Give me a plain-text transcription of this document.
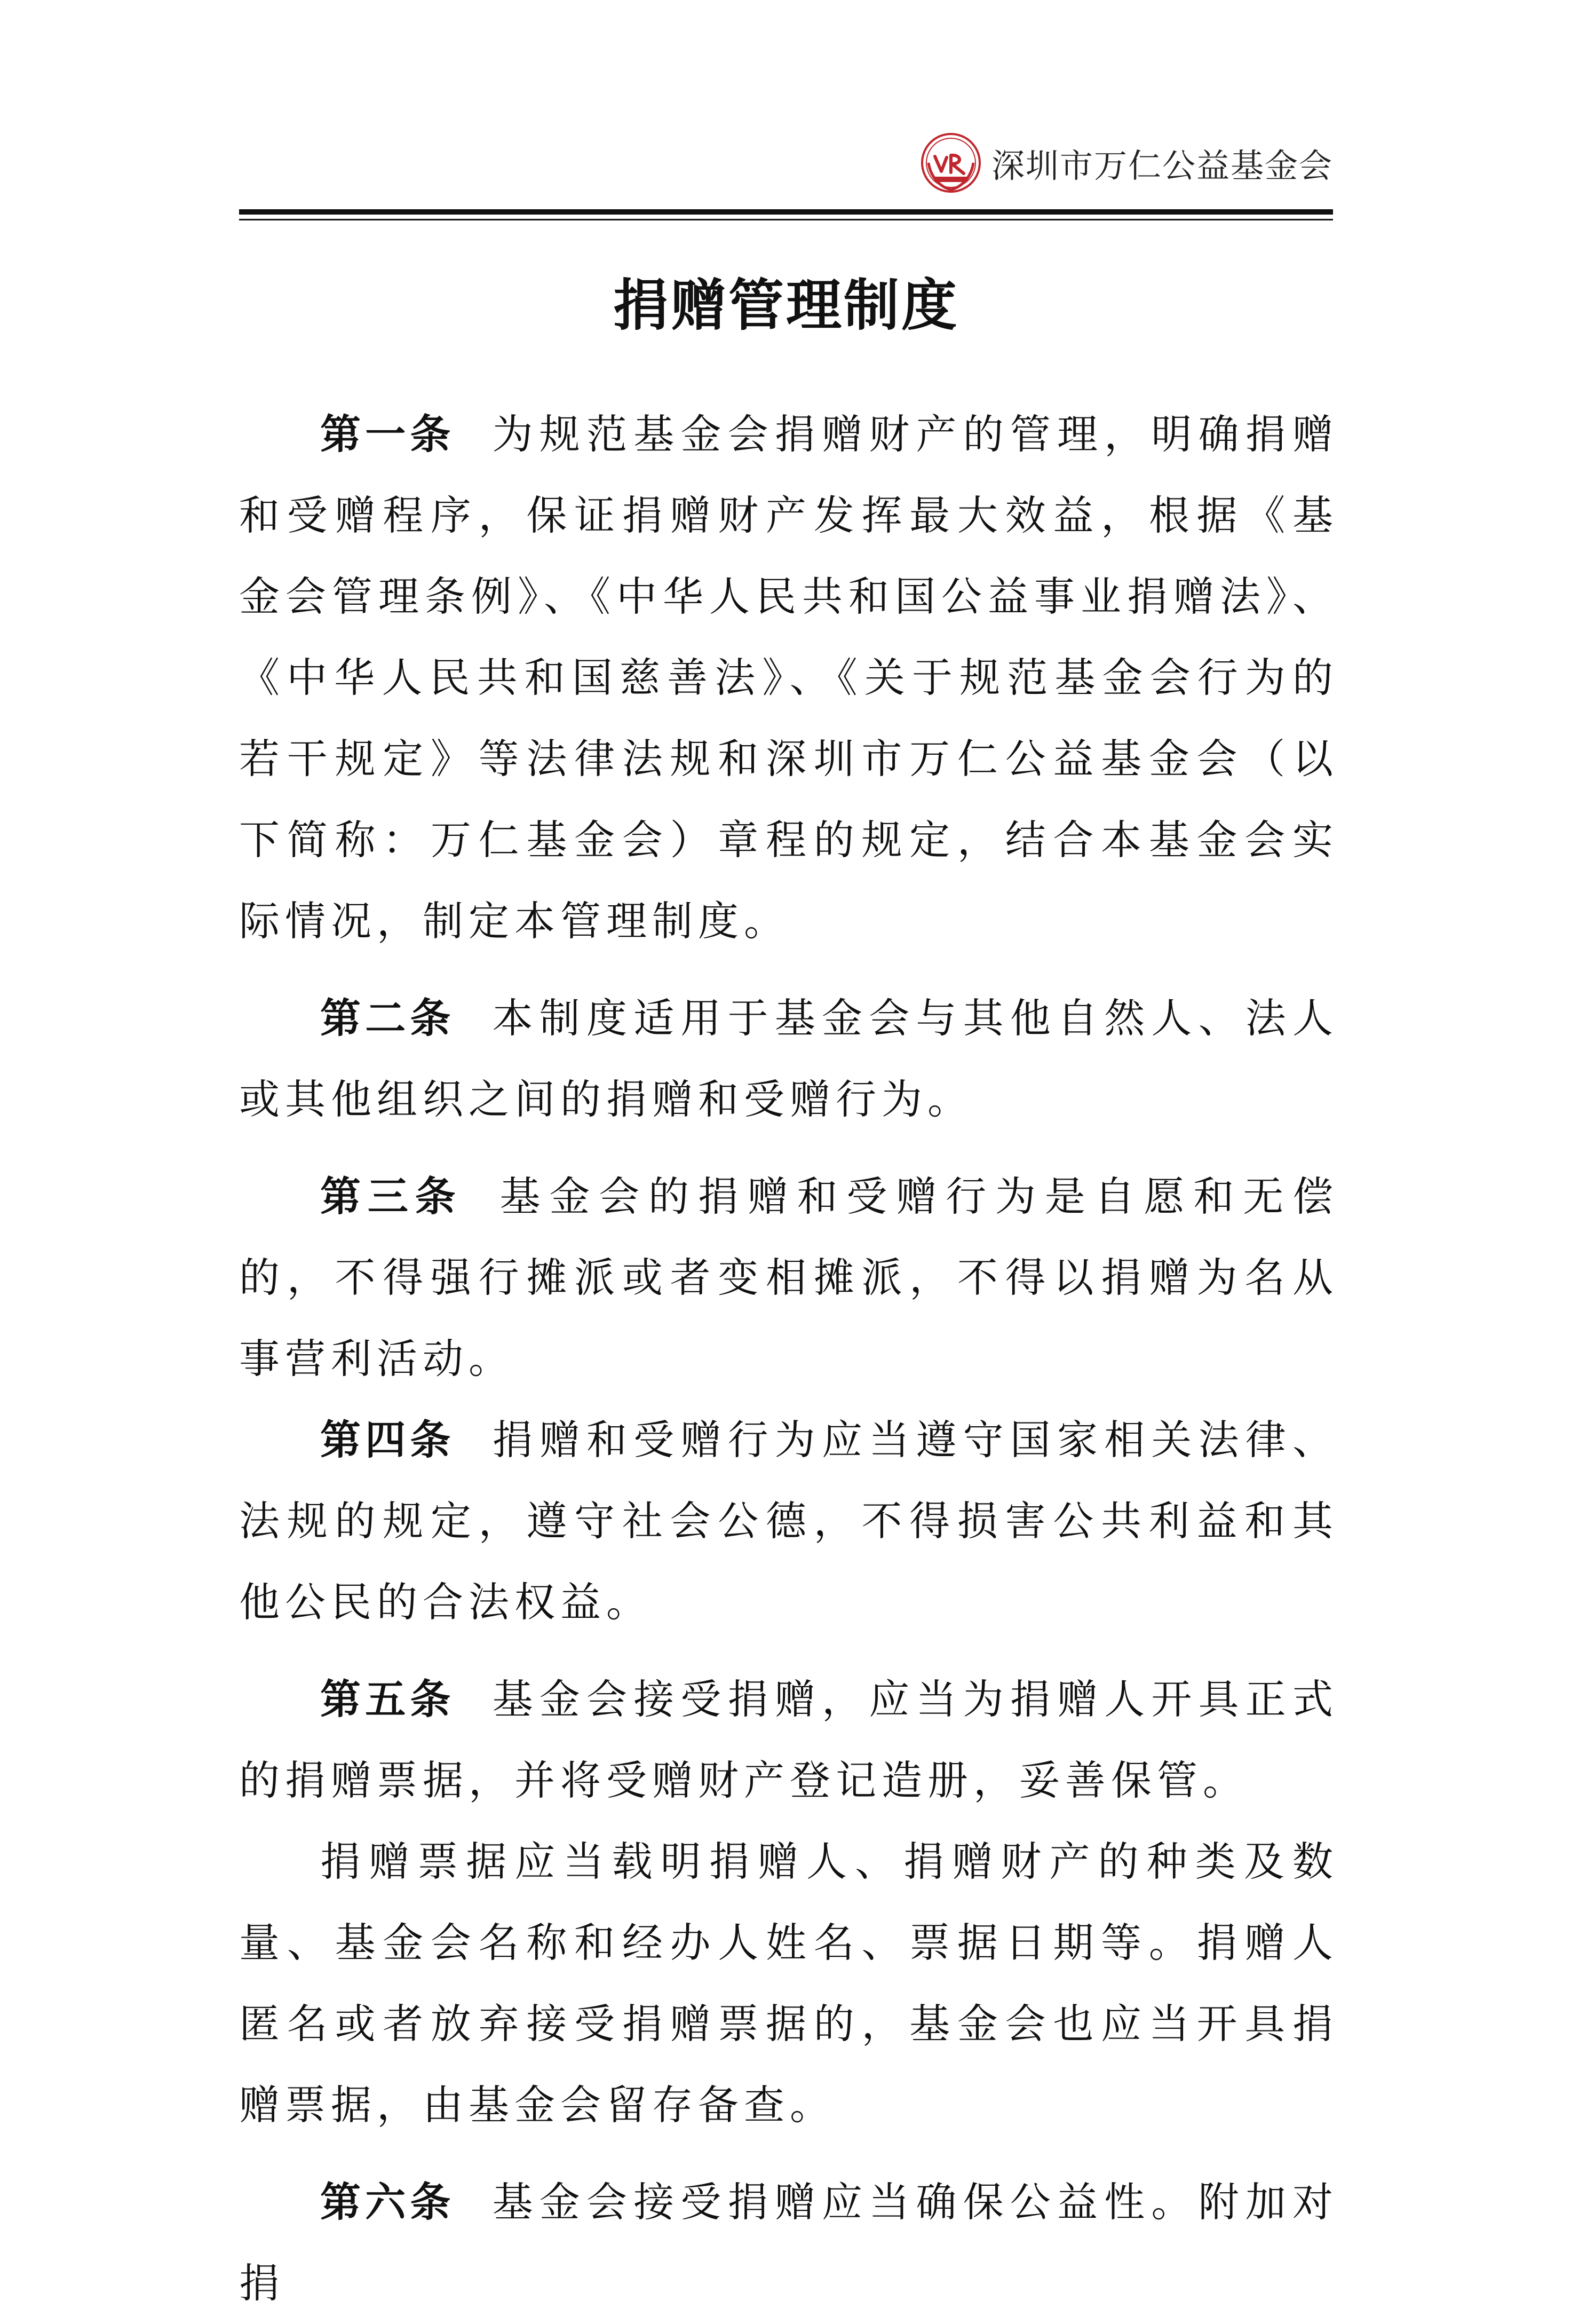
深圳市万仁公益基金会
捐赠管理制度

第一条 为规范基金会捐赠财产的管理，明确捐赠和受赠程序，保证捐赠财产发挥最大效益，根据《基金会管理条例》、《中华人民共和国公益事业捐赠法》、《中华人民共和国慈善法》、《关于规范基金会行为的若干规定》等法律法规和深圳市万仁公益基金会（以下简称：万仁基金会）章程的规定，结合本基金会实际情况，制定本管理制度。

第二条 本制度适用于基金会与其他自然人、法人或其他组织之间的捐赠和受赠行为。

第三条 基金会的捐赠和受赠行为是自愿和无偿的，不得强行摊派或者变相摊派，不得以捐赠为名从事营利活动。

第四条 捐赠和受赠行为应当遵守国家相关法律、法规的规定，遵守社会公德，不得损害公共利益和其他公民的合法权益。

第五条 基金会接受捐赠，应当为捐赠人开具正式的捐赠票据，并将受赠财产登记造册，妥善保管。

捐赠票据应当载明捐赠人、捐赠财产的种类及数量、基金会名称和经办人姓名、票据日期等。捐赠人匿名或者放弃接受捐赠票据的，基金会也应当开具捐赠票据，由基金会留存备查。

第六条 基金会接受捐赠应当确保公益性。附加对捐
